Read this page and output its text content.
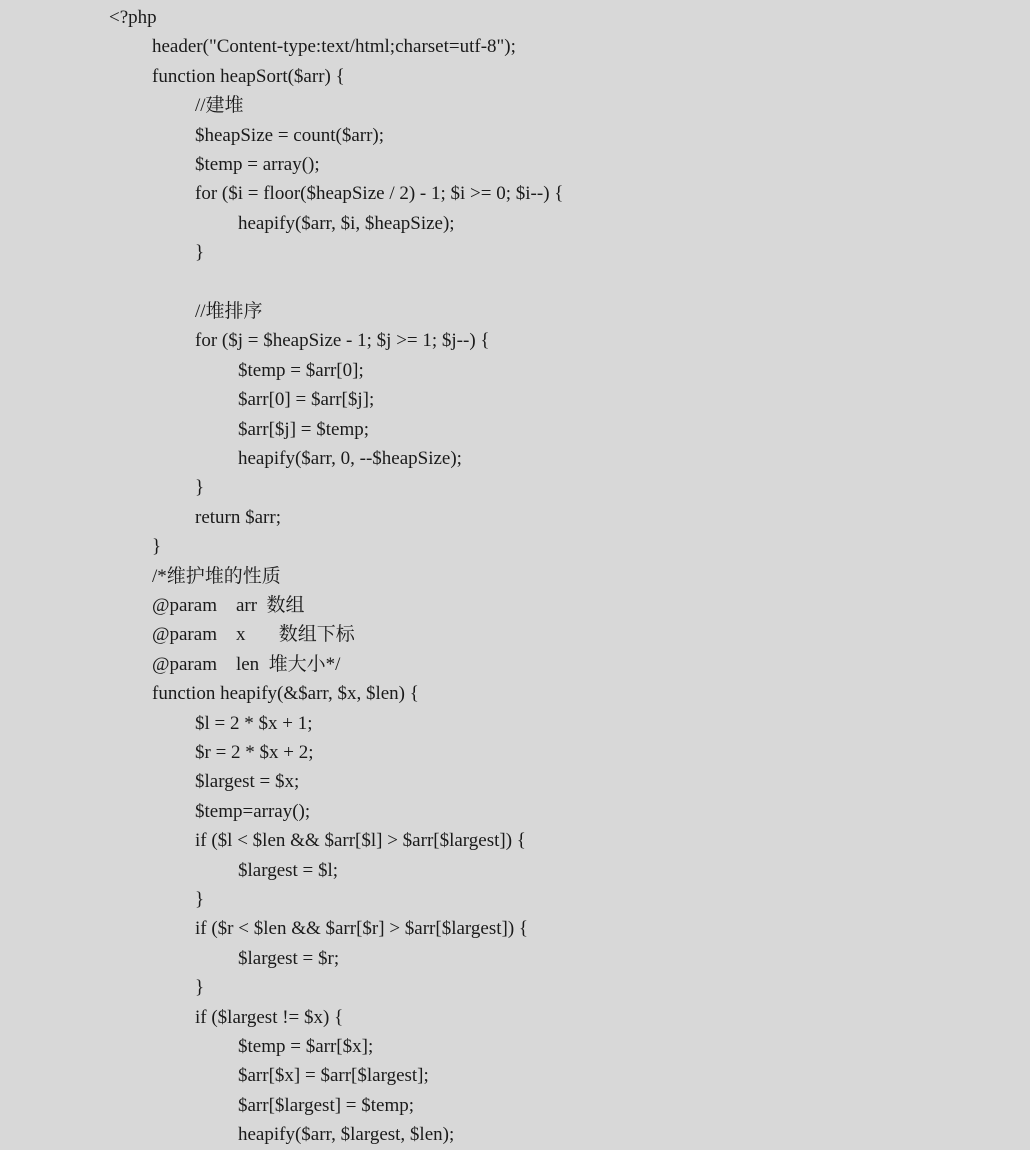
<?php
header("Content-type:text/html;charset=utf-8");
function heapSort($arr) {
//建堆
$heapSize = count($arr);
$temp = array();
for ($i = floor($heapSize / 2) - 1; $i >= 0; $i--) {
heapify($arr, $i, $heapSize);
}
//堆排序
for ($j = $heapSize - 1; $j >= 1; $j--) {
$temp = $arr[0];
$arr[0] = $arr[$j];
$arr[$j] = $temp;
heapify($arr, 0, --$heapSize);
}
return $arr;
}
/*维护堆的性质
@param    arr  数组
@param    x       数组下标
@param    len  堆大小*/
function heapify(&$arr, $x, $len) {
$l = 2 * $x + 1;
$r = 2 * $x + 2;
$largest = $x;
$temp=array();
if ($l < $len && $arr[$l] > $arr[$largest]) {
$largest = $l;
}
if ($r < $len && $arr[$r] > $arr[$largest]) {
$largest = $r;
}
if ($largest != $x) {
$temp = $arr[$x];
$arr[$x] = $arr[$largest];
$arr[$largest] = $temp;
heapify($arr, $largest, $len);
